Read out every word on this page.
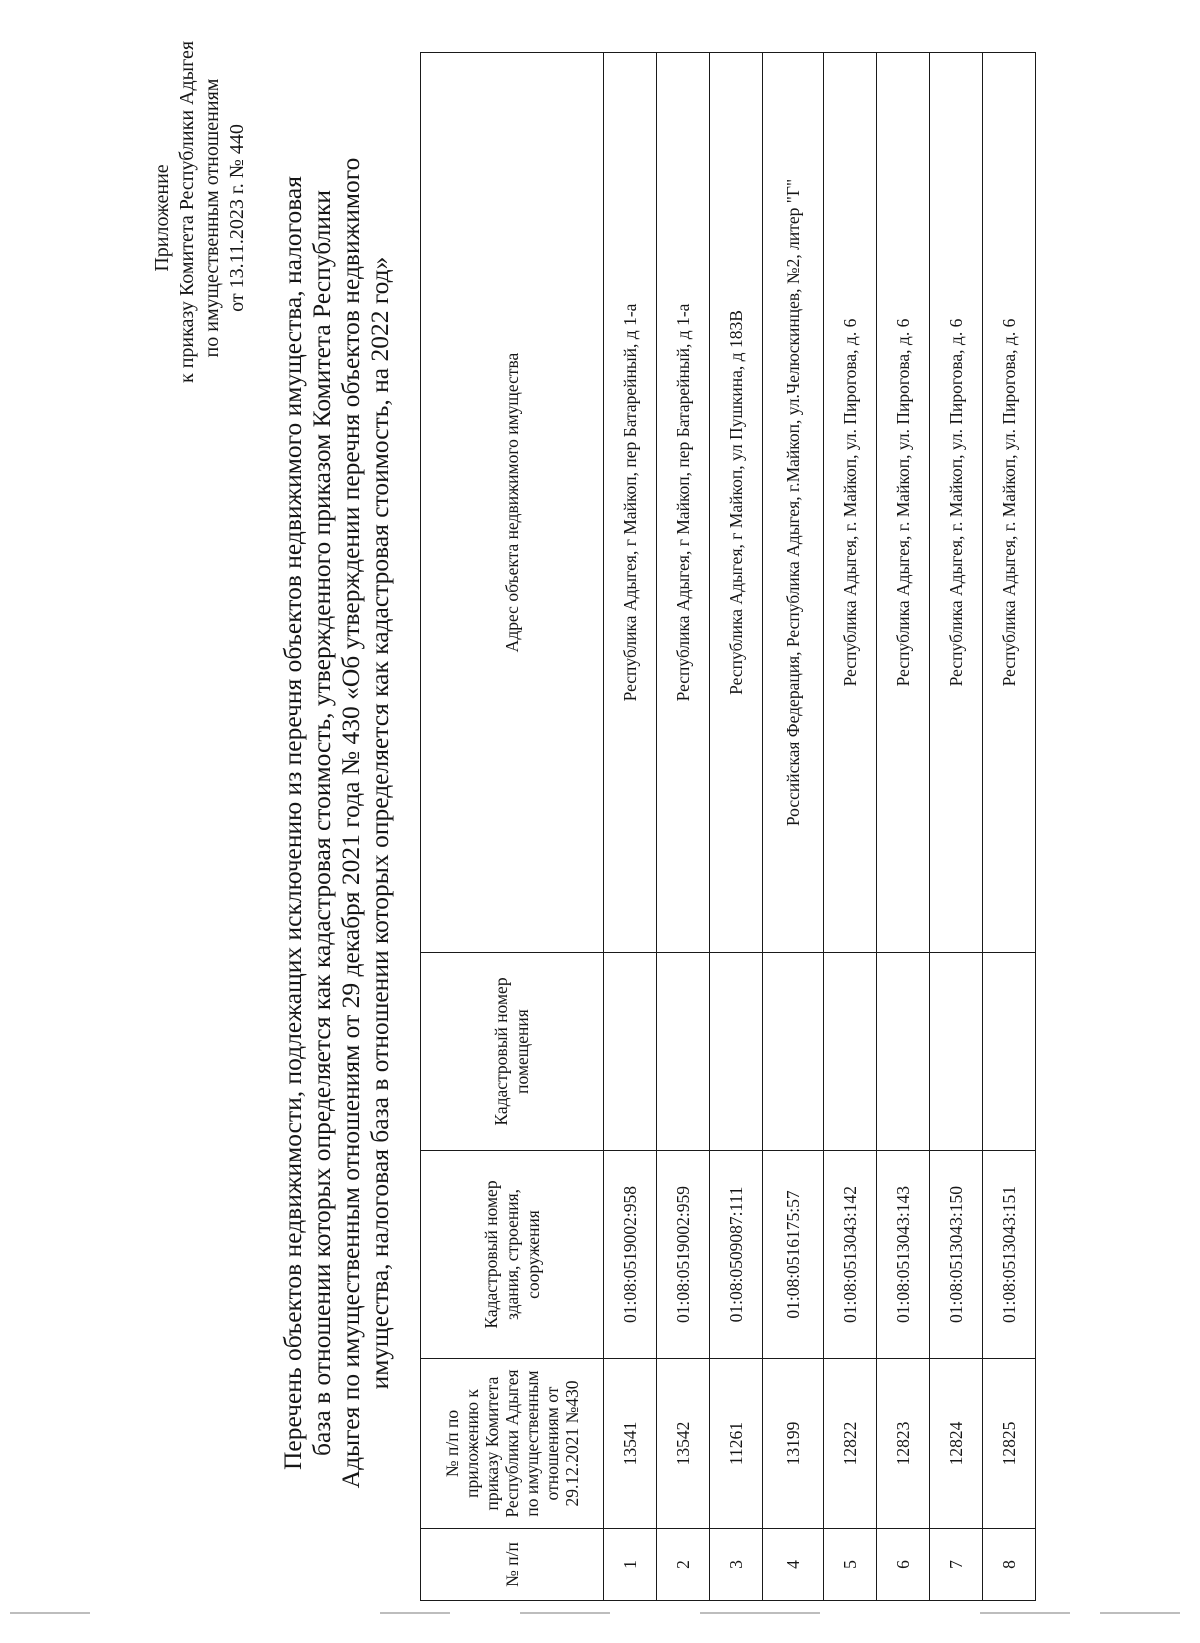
Приложение к приказу Комитета Республики Адыгея по имущественным отношениям от 13.11.2023 г. № 440 Перечень объектов недвижимости, подлежащих исключению из перечня объектов недвижимого имущества, налоговая база в отношении которых определяется как кадастровая стоимость, утвержденного приказом Комитета Республики Адыгея по имущественным отношениям от 29 декабря 2021 года № 430 «Об утверждении перечня объектов недвижимого имущества, налоговая база в отношении которых определяется как кадастровая стоимость, на 2022 год»
№ п/п	№ п/п по приложению к приказу Комитета Республики Адыгея по имущественным отношениям от 29.12.2021 №430	Кадастровый номер здания, строения, сооружения	Кадастровый номер помещения	Адрес объекта недвижимого имущества
1	13541	01:08:0519002:958		Республика Адыгея, г Майкоп, пер Батарейный, д 1-а
2	13542	01:08:0519002:959		Республика Адыгея, г Майкоп, пер Батарейный, д 1-а
3	11261	01:08:0509087:111		Республика Адыгея, г Майкоп, ул Пушкина, д 183В
4	13199	01:08:0516175:57		Российская Федерация, Республика Адыгея, г.Майкоп, ул.Челюскинцев, №2, литер "Г"
5	12822	01:08:0513043:142		Республика Адыгея, г. Майкоп, ул. Пирогова, д. 6
6	12823	01:08:0513043:143		Республика Адыгея, г. Майкоп, ул. Пирогова, д. 6
7	12824	01:08:0513043:150		Республика Адыгея, г. Майкоп, ул. Пирогова, д. 6
8	12825	01:08:0513043:151		Республика Адыгея, г. Майкоп, ул. Пирогова, д. 6
